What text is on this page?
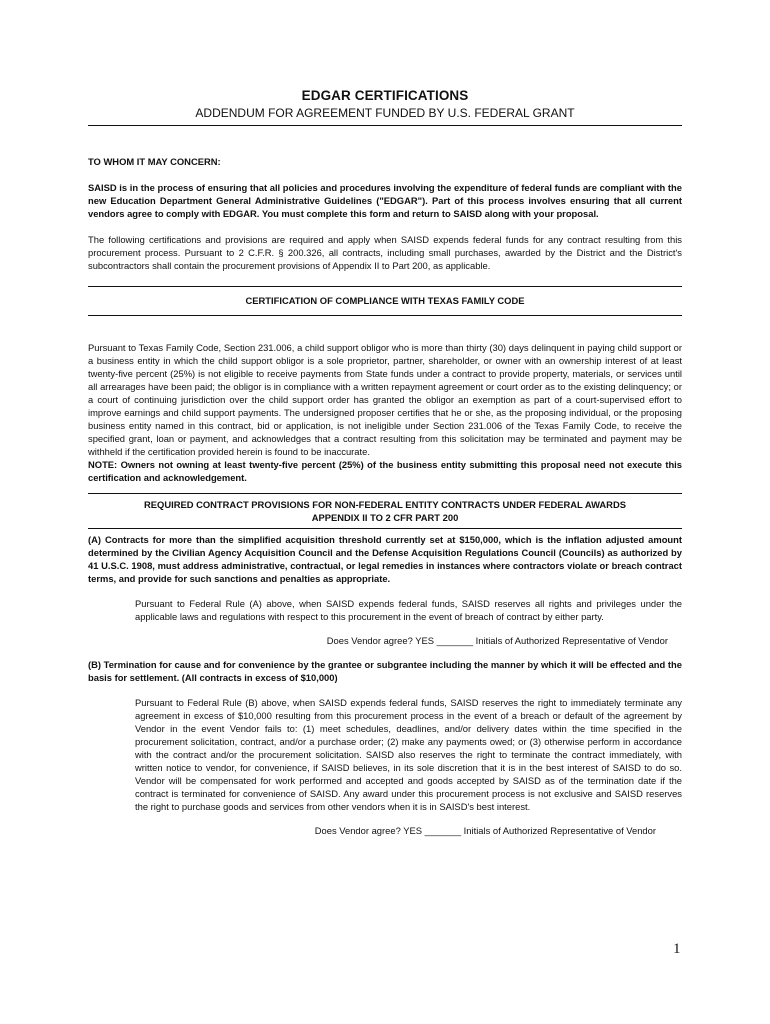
EDGAR CERTIFICATIONS

ADDENDUM FOR AGREEMENT FUNDED BY U.S. FEDERAL GRANT

TO WHOM IT MAY CONCERN:

SAISD is in the process of ensuring that all policies and procedures involving the expenditure of federal funds are compliant with the new Education Department General Administrative Guidelines ("EDGAR"). Part of this process involves ensuring that all current vendors agree to comply with EDGAR. You must complete this form and return to SAISD along with your proposal.

The following certifications and provisions are required and apply when SAISD expends federal funds for any contract resulting from this procurement process. Pursuant to 2 C.F.R. § 200.326, all contracts, including small purchases, awarded by the District and the District's subcontractors shall contain the procurement provisions of Appendix II to Part 200, as applicable.

CERTIFICATION OF COMPLIANCE WITH TEXAS FAMILY CODE

Pursuant to Texas Family Code, Section 231.006, a child support obligor who is more than thirty (30) days delinquent in paying child support or a business entity in which the child support obligor is a sole proprietor, partner, shareholder, or owner with an ownership interest of at least twenty-five percent (25%) is not eligible to receive payments from State funds under a contract to provide property, materials, or services until all arrearages have been paid; the obligor is in compliance with a written repayment agreement or court order as to the existing delinquency; or a court of continuing jurisdiction over the child support order has granted the obligor an exemption as part of a court-supervised effort to improve earnings and child support payments. The undersigned proposer certifies that he or she, as the proposing individual, or the proposing business entity named in this contract, bid or application, is not ineligible under Section 231.006 of the Texas Family Code, to receive the specified grant, loan or payment, and acknowledges that a contract resulting from this solicitation may be terminated and payment may be withheld if the certification provided herein is found to be inaccurate.

NOTE: Owners not owning at least twenty-five percent (25%) of the business entity submitting this proposal need not execute this certification and acknowledgement.

REQUIRED CONTRACT PROVISIONS FOR NON-FEDERAL ENTITY CONTRACTS UNDER FEDERAL AWARDS

APPENDIX II TO 2 CFR PART 200

(A) Contracts for more than the simplified acquisition threshold currently set at $150,000, which is the inflation adjusted amount determined by the Civilian Agency Acquisition Council and the Defense Acquisition Regulations Council (Councils) as authorized by 41 U.S.C. 1908, must address administrative, contractual, or legal remedies in instances where contractors violate or breach contract terms, and provide for such sanctions and penalties as appropriate.

Pursuant to Federal Rule (A) above, when SAISD expends federal funds, SAISD reserves all rights and privileges under the applicable laws and regulations with respect to this procurement in the event of breach of contract by either party.

Does Vendor agree? YES _______ Initials of Authorized Representative of Vendor

(B) Termination for cause and for convenience by the grantee or subgrantee including the manner by which it will be effected and the basis for settlement. (All contracts in excess of $10,000)

Pursuant to Federal Rule (B) above, when SAISD expends federal funds, SAISD reserves the right to immediately terminate any agreement in excess of $10,000 resulting from this procurement process in the event of a breach or default of the agreement by Vendor in the event Vendor fails to: (1) meet schedules, deadlines, and/or delivery dates within the time specified in the procurement solicitation, contract, and/or a purchase order; (2) make any payments owed; or (3) otherwise perform in accordance with the contract and/or the procurement solicitation. SAISD also reserves the right to terminate the contract immediately, with written notice to vendor, for convenience, if SAISD believes, in its sole discretion that it is in the best interest of SAISD to do so. Vendor will be compensated for work performed and accepted and goods accepted by SAISD as of the termination date if the contract is terminated for convenience of SAISD. Any award under this procurement process is not exclusive and SAISD reserves the right to purchase goods and services from other vendors when it is in SAISD's best interest.

Does Vendor agree? YES _______ Initials of Authorized Representative of Vendor

1
